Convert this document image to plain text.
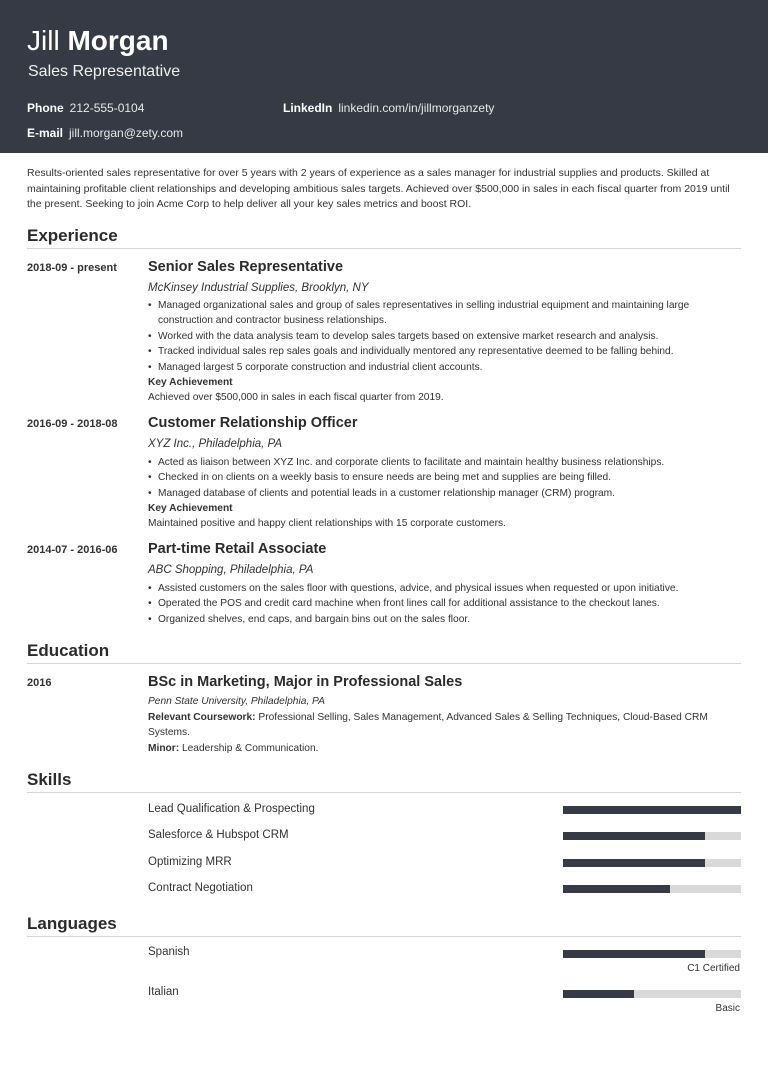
Jill Morgan
Sales Representative
Phone 212-555-0104	LinkedIn linkedin.com/in/jillmorganzety
E-mail jill.morgan@zety.com
Results-oriented sales representative for over 5 years with 2 years of experience as a sales manager for industrial supplies and products. Skilled at maintaining profitable client relationships and developing ambitious sales targets. Achieved over $500,000 in sales in each fiscal quarter from 2019 until the present. Seeking to join Acme Corp to help deliver all your key sales metrics and boost ROI.
Experience
2018-09 - present Senior Sales Representative
McKinsey Industrial Supplies, Brooklyn, NY
• Managed organizational sales and group of sales representatives in selling industrial equipment and maintaining large construction and contractor business relationships.
• Worked with the data analysis team to develop sales targets based on extensive market research and analysis.
• Tracked individual sales rep sales goals and individually mentored any representative deemed to be falling behind.
• Managed largest 5 corporate construction and industrial client accounts.
Key Achievement
Achieved over $500,000 in sales in each fiscal quarter from 2019.
2016-09 - 2018-08 Customer Relationship Officer
XYZ Inc., Philadelphia, PA
• Acted as liaison between XYZ Inc. and corporate clients to facilitate and maintain healthy business relationships.
• Checked in on clients on a weekly basis to ensure needs are being met and supplies are being filled.
• Managed database of clients and potential leads in a customer relationship manager (CRM) program.
Key Achievement
Maintained positive and happy client relationships with 15 corporate customers.
2014-07 - 2016-06 Part-time Retail Associate
ABC Shopping, Philadelphia, PA
• Assisted customers on the sales floor with questions, advice, and physical issues when requested or upon initiative.
• Operated the POS and credit card machine when front lines call for additional assistance to the checkout lanes.
• Organized shelves, end caps, and bargain bins out on the sales floor.
Education
2016	BSc in Marketing, Major in Professional Sales
Penn State University, Philadelphia, PA
Relevant Coursework: Professional Selling, Sales Management, Advanced Sales & Selling Techniques, Cloud-Based CRM Systems.
Minor: Leadership & Communication.
Skills
Lead Qualification & Prospecting
Salesforce & Hubspot CRM
Optimizing MRR
Contract Negotiation
Languages
Spanish
C1 Certified
Italian
Basic
